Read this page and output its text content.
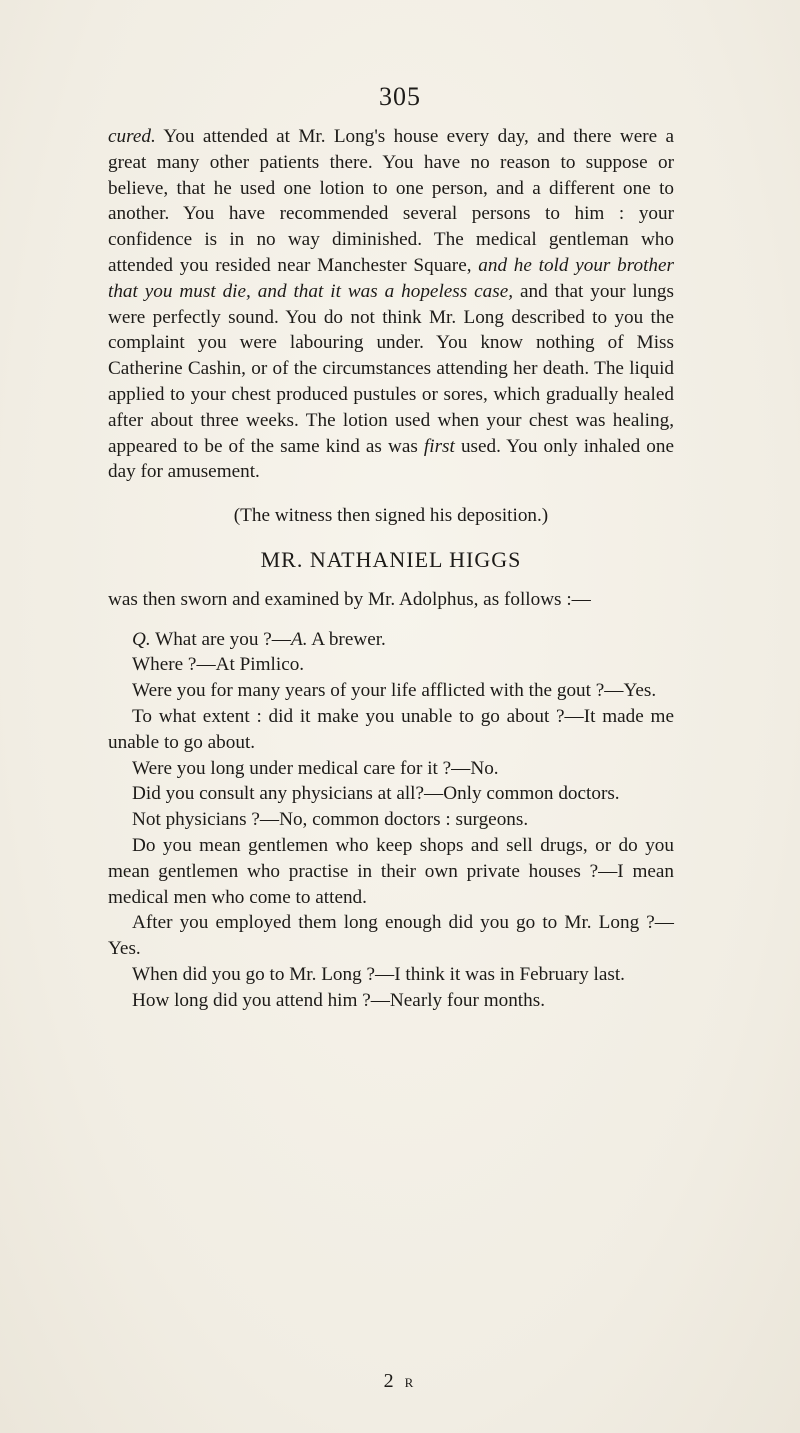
305

cured. You attended at Mr. Long's house every day, and there were a great many other patients there. You have no reason to suppose or believe, that he used one lotion to one person, and a different one to another. You have recommended several persons to him : your confidence is in no way diminished. The medical gentleman who attended you resided near Manchester Square, and he told your brother that you must die, and that it was a hopeless case, and that your lungs were perfectly sound. You do not think Mr. Long described to you the complaint you were labouring under. You know nothing of Miss Catherine Cashin, or of the circumstances attending her death. The liquid applied to your chest produced pustules or sores, which gradually healed after about three weeks. The lotion used when your chest was healing, appeared to be of the same kind as was first used. You only inhaled one day for amusement.

(The witness then signed his deposition.)

MR. NATHANIEL HIGGS

was then sworn and examined by Mr. Adolphus, as follows :—

Q. What are you ?—A. A brewer.

Where ?—At Pimlico.

Were you for many years of your life afflicted with the gout ?—Yes.

To what extent : did it make you unable to go about ?—It made me unable to go about.

Were you long under medical care for it ?—No.

Did you consult any physicians at all?—Only common doctors.

Not physicians ?—No, common doctors : surgeons.

Do you mean gentlemen who keep shops and sell drugs, or do you mean gentlemen who practise in their own private houses ?—I mean medical men who come to attend.

After you employed them long enough did you go to Mr. Long ?—Yes.

When did you go to Mr. Long ?—I think it was in February last.

How long did you attend him ?—Nearly four months.

2 R
